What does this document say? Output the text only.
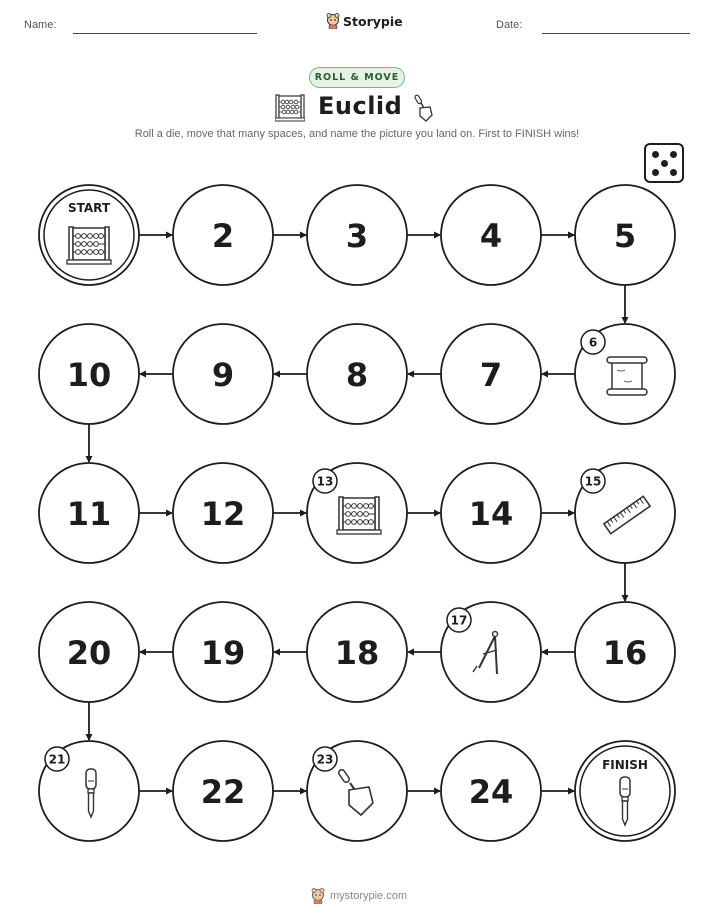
Name:	Storypie	Date:
ROLL & MOVE
Euclid
Roll a die, move that many spaces, and name the picture you land on. First to FINISH wins!
START
2	3	4	5
6
7
8
9
10
11	12
13
14
15
16
17
18
19
20
21
22
23
24
FINISH
mystorypie.com
